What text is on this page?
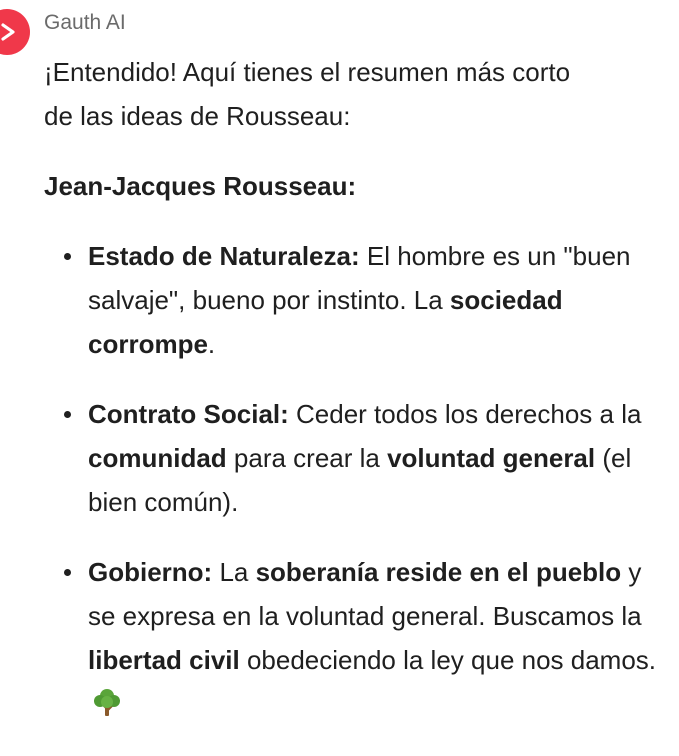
Gauth AI

¡Entendido! Aquí tienes el resumen más corto
de las ideas de Rousseau:

Jean-Jacques Rousseau:

Estado de Naturaleza: El hombre es un "buen salvaje", bueno por instinto. La sociedad corrompe.
Contrato Social: Ceder todos los derechos a la comunidad para crear la voluntad general (el bien común).
Gobierno: La soberanía reside en el pueblo y se expresa en la voluntad general. Buscamos la libertad civil obedeciendo la ley que nos damos.
